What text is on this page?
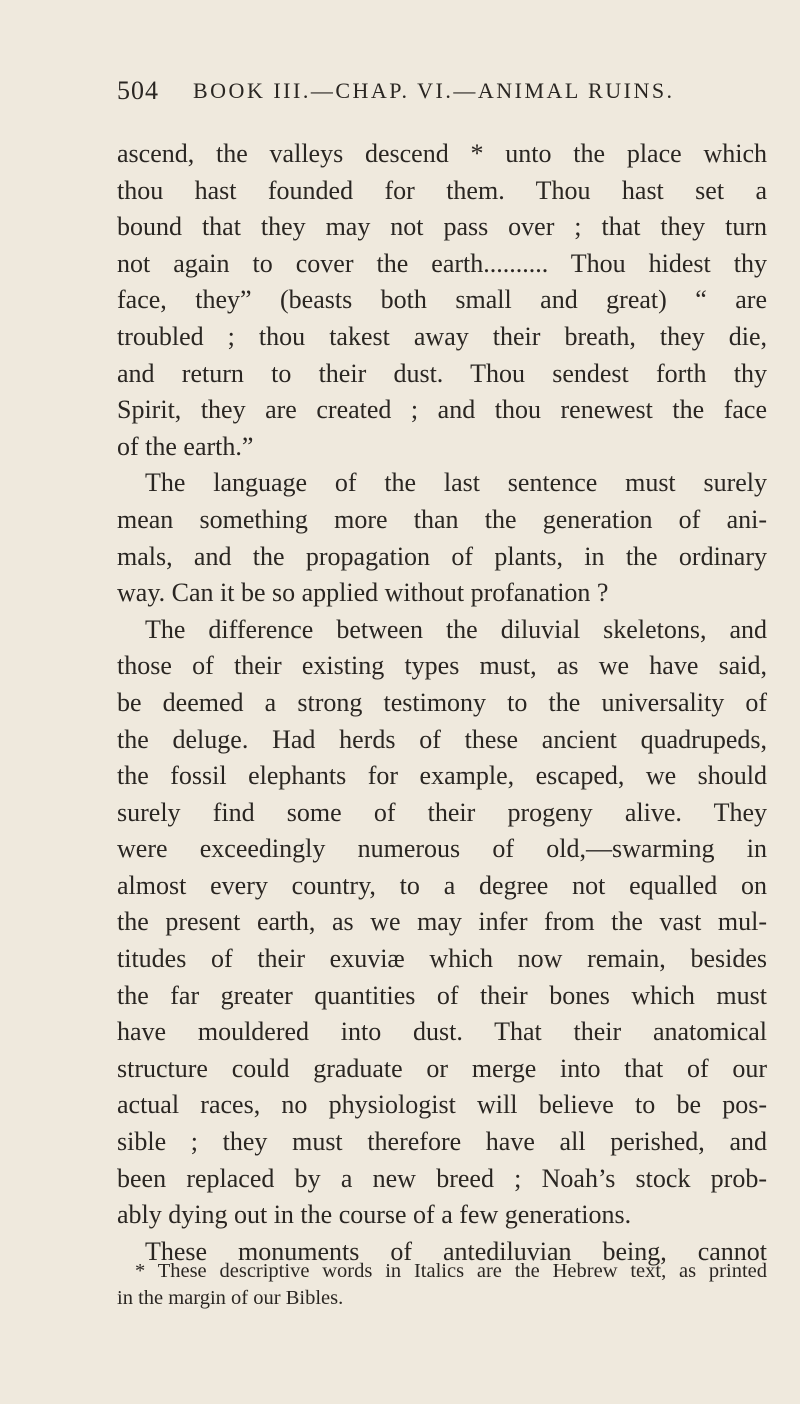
504 BOOK III.—CHAP. VI.—ANIMAL RUINS.
ascend, the valleys descend * unto the place which
thou hast founded for them. Thou hast set a
bound that they may not pass over ; that they turn
not again to cover the earth.......... Thou hidest thy
face, they” (beasts both small and great) “ are
troubled ; thou takest away their breath, they die,
and return to their dust. Thou sendest forth thy
Spirit, they are created ; and thou renewest the face
of the earth.”
The language of the last sentence must surely
mean something more than the generation of ani-
mals, and the propagation of plants, in the ordinary
way. Can it be so applied without profanation ?
The difference between the diluvial skeletons, and
those of their existing types must, as we have said,
be deemed a strong testimony to the universality of
the deluge. Had herds of these ancient quadrupeds,
the fossil elephants for example, escaped, we should
surely find some of their progeny alive. They
were exceedingly numerous of old,—swarming in
almost every country, to a degree not equalled on
the present earth, as we may infer from the vast mul-
titudes of their exuviæ which now remain, besides
the far greater quantities of their bones which must
have mouldered into dust. That their anatomical
structure could graduate or merge into that of our
actual races, no physiologist will believe to be pos-
sible ; they must therefore have all perished, and
been replaced by a new breed ; Noah’s stock prob-
ably dying out in the course of a few generations.
These monuments of antediluvian being, cannot
* These descriptive words in Italics are the Hebrew text, as printed
in the margin of our Bibles.
